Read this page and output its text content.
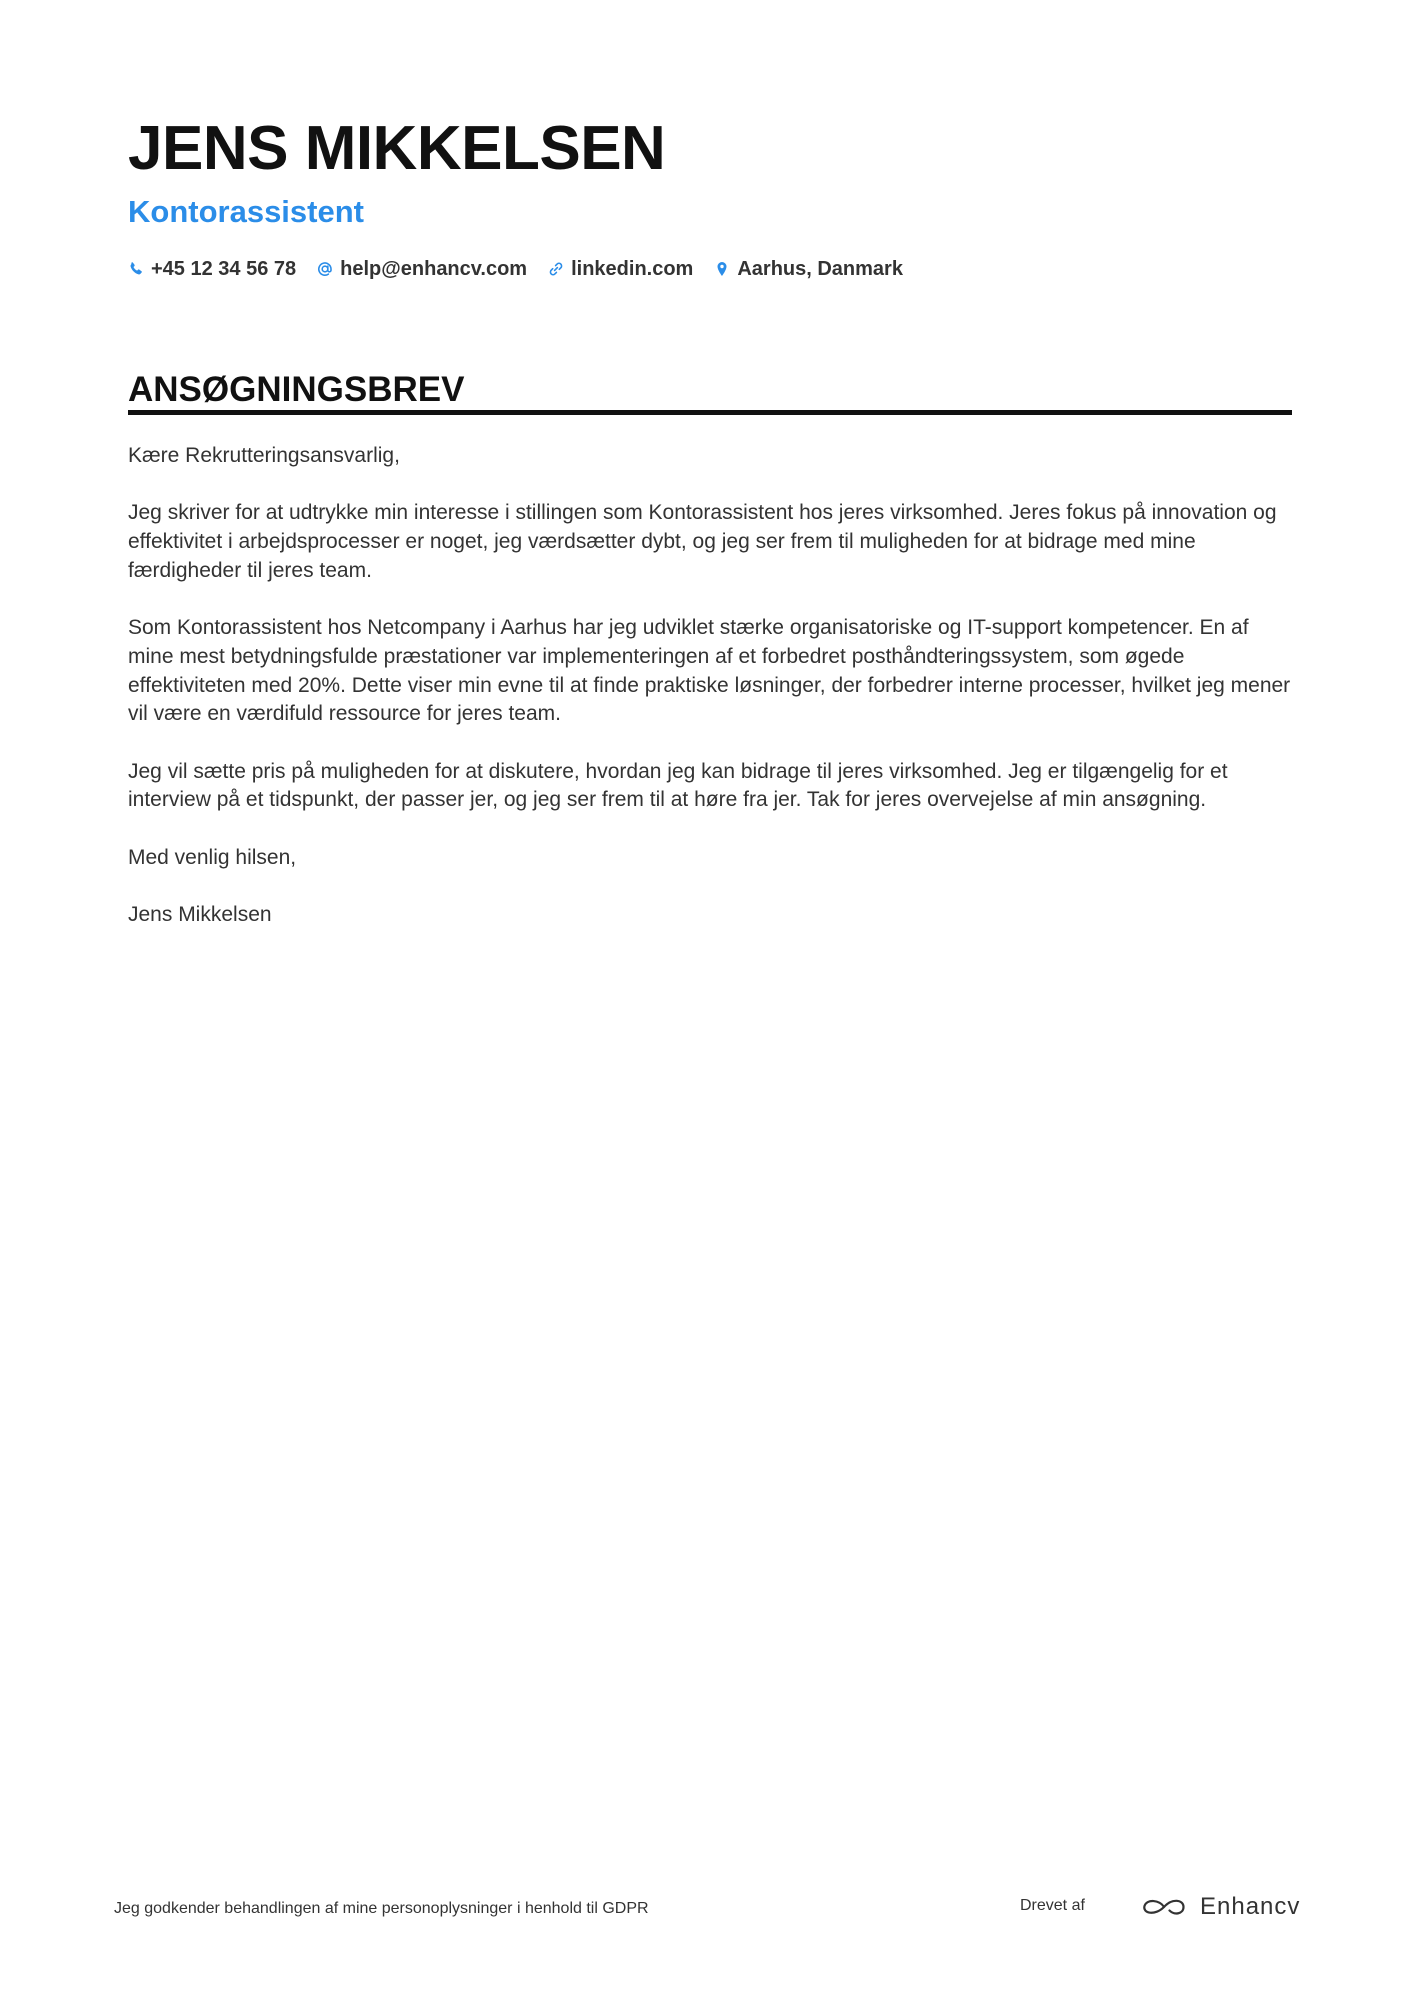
JENS MIKKELSEN
Kontorassistent
+45 12 34 56 78 help@enhancv.com linkedin.com Aarhus, Danmark
ANSØGNINGSBREV

Kære Rekrutteringsansvarlig,

Jeg skriver for at udtrykke min interesse i stillingen som Kontorassistent hos jeres virksomhed. Jeres fokus på innovation og effektivitet i arbejdsprocesser er noget, jeg værdsætter dybt, og jeg ser frem til muligheden for at bidrage med mine færdigheder til jeres team.

Som Kontorassistent hos Netcompany i Aarhus har jeg udviklet stærke organisatoriske og IT-support kompetencer. En af mine mest betydningsfulde præstationer var implementeringen af et forbedret posthåndteringssystem, som øgede effektiviteten med 20%. Dette viser min evne til at finde praktiske løsninger, der forbedrer interne processer, hvilket jeg mener vil være en værdifuld ressource for jeres team.

Jeg vil sætte pris på muligheden for at diskutere, hvordan jeg kan bidrage til jeres virksomhed. Jeg er tilgængelig for et interview på et tidspunkt, der passer jer, og jeg ser frem til at høre fra jer. Tak for jeres overvejelse af min ansøgning.

Med venlig hilsen,

Jens Mikkelsen

Jeg godkender behandlingen af mine personoplysninger i henhold til GDPR	Drevet af	Enhancv
